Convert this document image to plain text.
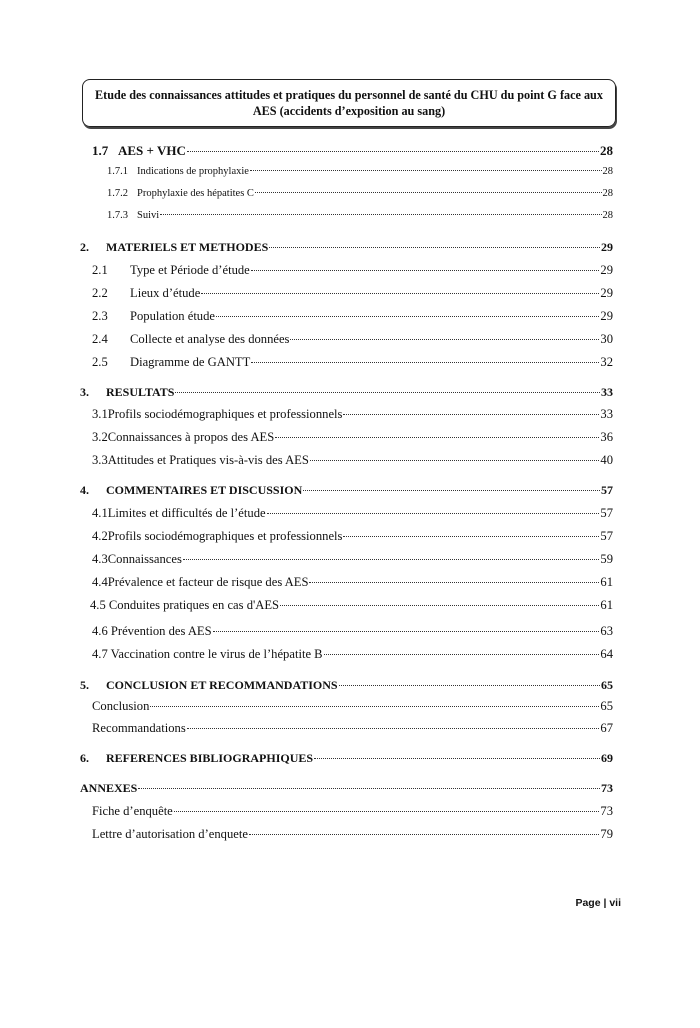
Etude des connaissances attitudes et pratiques du personnel de santé du CHU du point G face aux AES (accidents d’exposition au sang)
1.7 AES + VHC	28
1.7.1 Indications de prophylaxie	28
1.7.2 Prophylaxie des hépatites C	28
1.7.3 Suivi	28
2.	MATERIELS ET METHODES	29
2.1	Type et Période d’étude	29
2.2	Lieux d’étude	29
2.3	Population étude	29
2.4	Collecte et analyse des données	30
2.5	Diagramme de GANTT	32
3.	RESULTATS	33
3.1Profils sociodémographiques et professionnels	33
3.2Connaissances à propos des AES	36
3.3Attitudes et Pratiques vis-à-vis des AES	40
4.	COMMENTAIRES ET DISCUSSION	57
4.1Limites et difficultés de l’étude	57
4.2Profils sociodémographiques et professionnels	57
4.3Connaissances	59
4.4Prévalence et facteur de risque des AES	61
4.5 Conduites pratiques en cas d'AES	61
4.6 Prévention des AES	63
4.7 Vaccination contre le virus de l’hépatite B	64
5.	CONCLUSION ET RECOMMANDATIONS	65
Conclusion	65
Recommandations	67
6.	REFERENCES BIBLIOGRAPHIQUES	69
ANNEXES	73
Fiche d’enquête	73
Lettre d’autorisation d’enquete	79
Page | vii
